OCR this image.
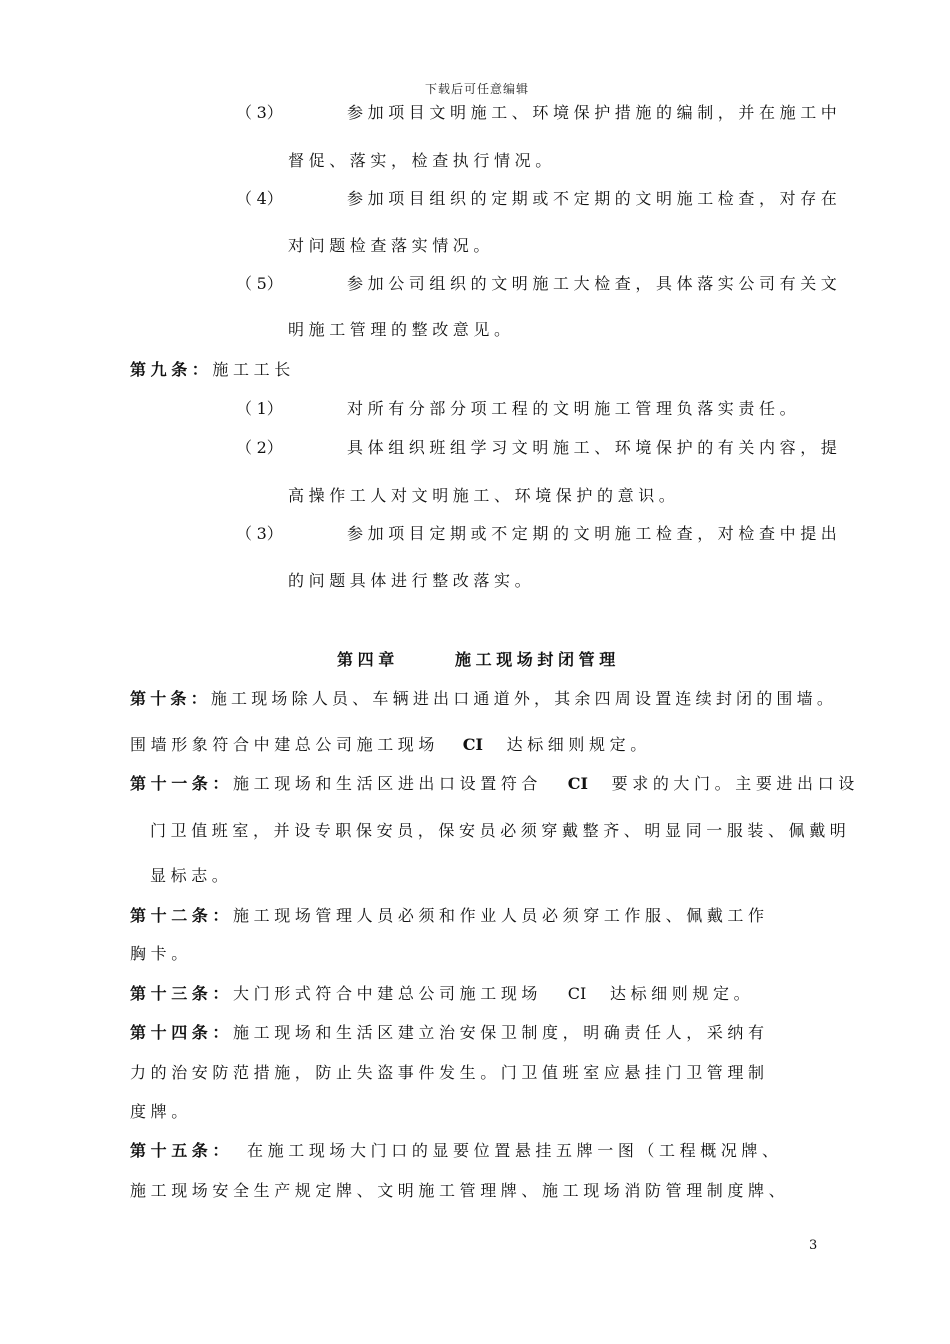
下载后可任意编辑
（3）	参加项目文明施工、环境保护措施的编制，并在施工中
督促、落实，检查执行情况。
（4）	参加项目组织的定期或不定期的文明施工检查，对存在
对问题检查落实情况。
（5）	参加公司组织的文明施工大检查，具体落实公司有关文
明施工管理的整改意见。
第九条：施工工长
（1）	对所有分部分项工程的文明施工管理负落实责任。
（2）	具体组织班组学习文明施工、环境保护的有关内容，提
高操作工人对文明施工、环境保护的意识。
（3）	参加项目定期或不定期的文明施工检查，对检查中提出
的问题具体进行整改落实。
第四章	施工现场封闭管理
第十条：施工现场除人员、车辆进出口通道外，其余四周设置连续封闭的围墙。
围墙形象符合中建总公司施工现场 CI 达标细则规定。
第十一条：施工现场和生活区进出口设置符合 CI 要求的大门。主要进出口设
门卫值班室，并设专职保安员，保安员必须穿戴整齐、明显同一服装、佩戴明
显标志。
第十二条：施工现场管理人员必须和作业人员必须穿工作服、佩戴工作
胸卡。
第十三条：大门形式符合中建总公司施工现场 CI 达标细则规定。
第十四条：施工现场和生活区建立治安保卫制度，明确责任人，采纳有
力的治安防范措施，防止失盗事件发生。门卫值班室应悬挂门卫管理制
度牌。
第十五条： 在施工现场大门口的显要位置悬挂五牌一图（工程概况牌、
施工现场安全生产规定牌、文明施工管理牌、施工现场消防管理制度牌、
3
